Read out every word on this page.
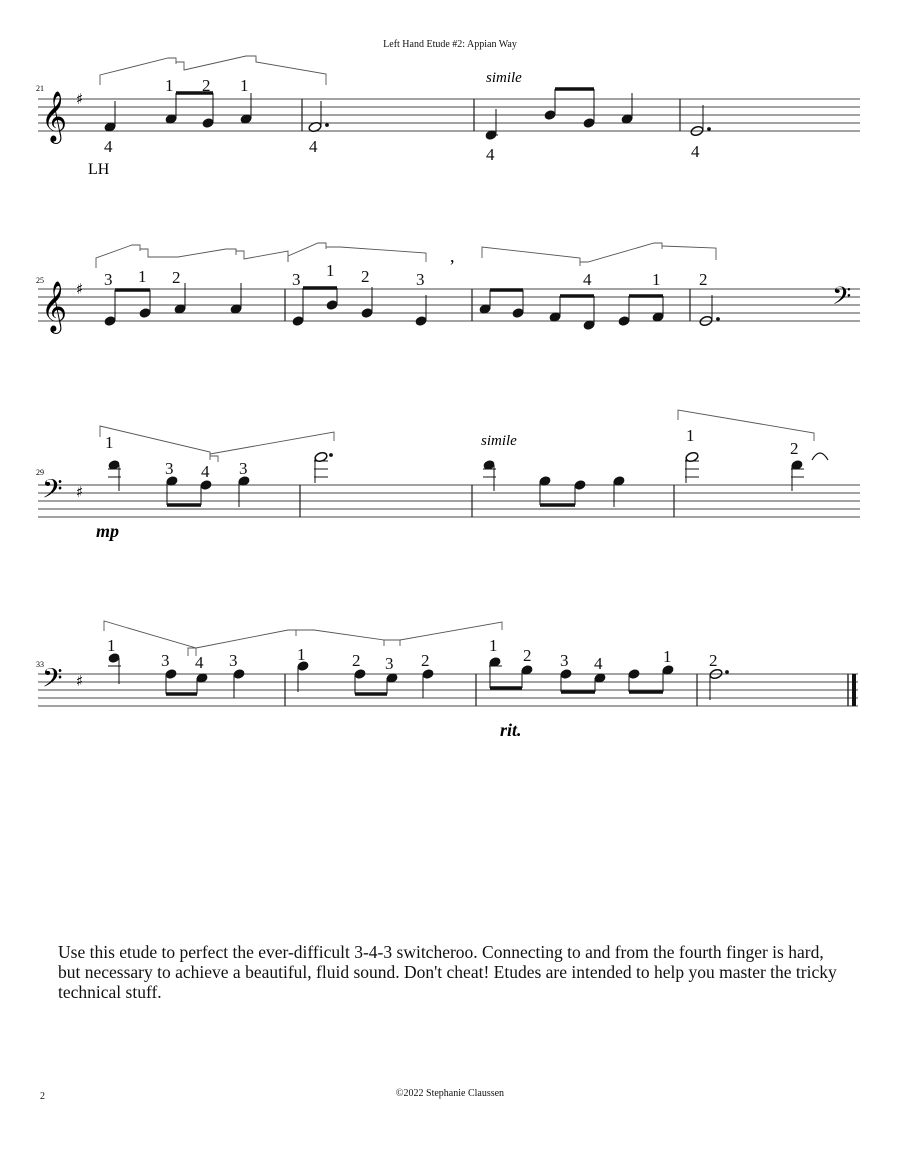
Left Hand Etude #2: Appian Way
21
𝄞 ♯
4
1 2 1
4	4	4
simile
LH
25
𝄞 ♯	𝄢
,
3 1 2	3 1 2	3	4	1 2
29
𝄢 ♯
1
3 4 3
1
2
mp
simile
33
𝄢 ♯
1
3 4 3	1	2 3 2
1
2 3 4	1 2
rit.

Use this etude to perfect the ever-difficult 3-4-3 switcheroo. Connecting to and from the fourth finger is hard, but necessary to achieve a beautiful, fluid sound. Don't cheat! Etudes are intended to help you master the tricky technical stuff.

2	©2022 Stephanie Claussen
